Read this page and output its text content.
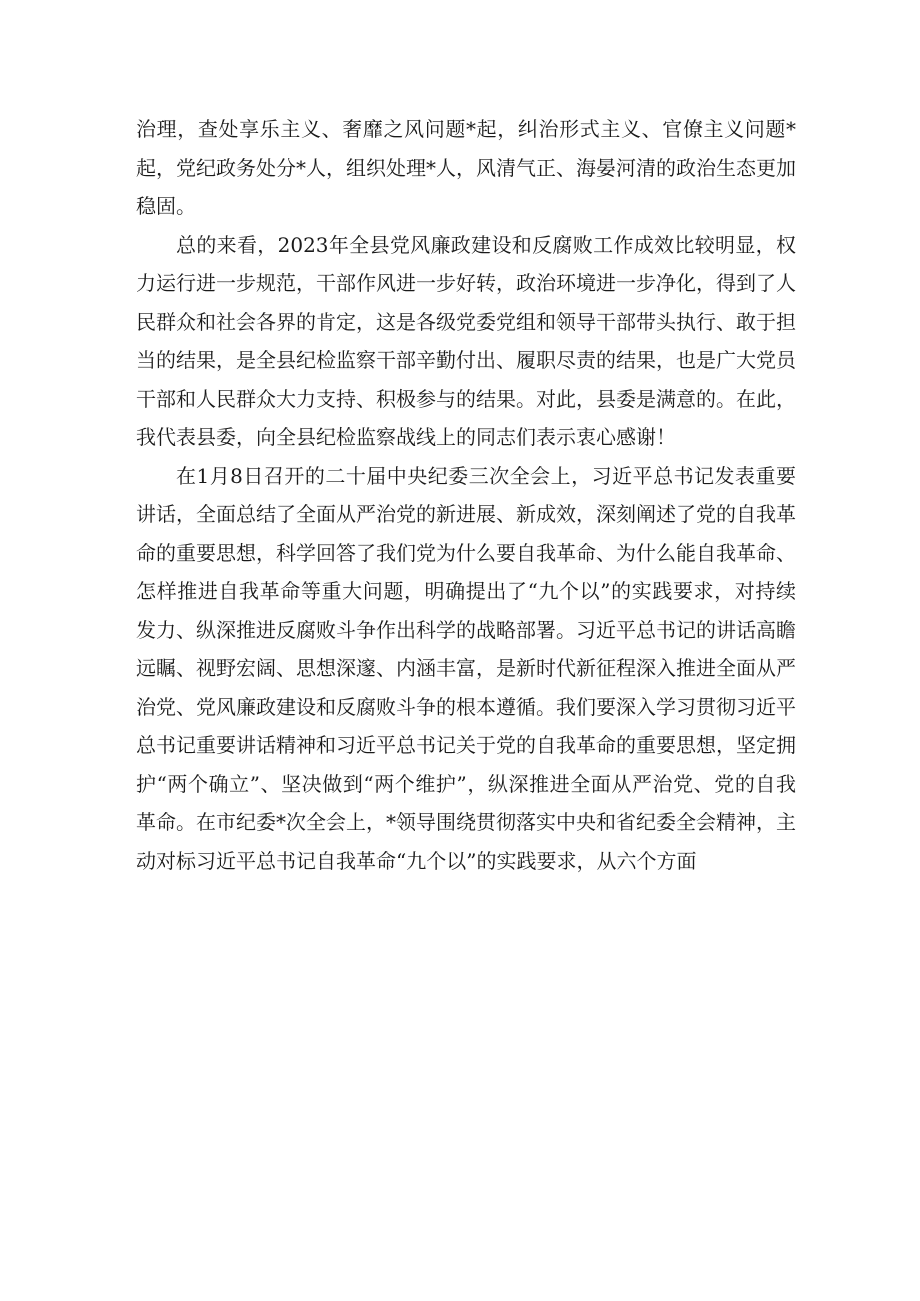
治理，查处享乐主义、奢靡之风问题*起，纠治形式主义、官僚主义问题*起，党纪政务处分*人，组织处理*人，风清气正、海晏河清的政治生态更加稳固。

总的来看，2023年全县党风廉政建设和反腐败工作成效比较明显，权力运行进一步规范，干部作风进一步好转，政治环境进一步净化，得到了人民群众和社会各界的肯定，这是各级党委党组和领导干部带头执行、敢于担当的结果，是全县纪检监察干部辛勤付出、履职尽责的结果，也是广大党员干部和人民群众大力支持、积极参与的结果。对此，县委是满意的。在此，我代表县委，向全县纪检监察战线上的同志们表示衷心感谢！

在1月8日召开的二十届中央纪委三次全会上，习近平总书记发表重要讲话，全面总结了全面从严治党的新进展、新成效，深刻阐述了党的自我革命的重要思想，科学回答了我们党为什么要自我革命、为什么能自我革命、怎样推进自我革命等重大问题，明确提出了“九个以”的实践要求，对持续发力、纵深推进反腐败斗争作出科学的战略部署。习近平总书记的讲话高瞻远瞩、视野宏阔、思想深邃、内涵丰富，是新时代新征程深入推进全面从严治党、党风廉政建设和反腐败斗争的根本遵循。我们要深入学习贯彻习近平总书记重要讲话精神和习近平总书记关于党的自我革命的重要思想，坚定拥护“两个确立”、坚决做到“两个维护”，纵深推进全面从严治党、党的自我革命。在市纪委*次全会上，*领导围绕贯彻落实中央和省纪委全会精神，主动对标习近平总书记自我革命“九个以”的实践要求，从六个方面
